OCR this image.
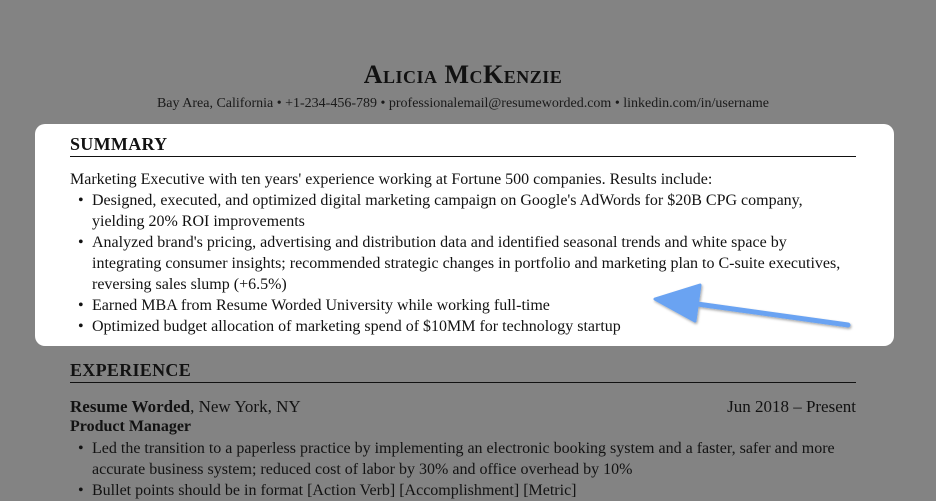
Alicia McKenzie
Bay Area, California • +1-234-456-789 • professionalemail@resumeworded.com • linkedin.com/in/username
SUMMARY
Marketing Executive with ten years' experience working at Fortune 500 companies. Results include:
• Designed, executed, and optimized digital marketing campaign on Google's AdWords for $20B CPG company, yielding 20% ROI improvements
• Analyzed brand's pricing, advertising and distribution data and identified seasonal trends and white space by integrating consumer insights; recommended strategic changes in portfolio and marketing plan to C-suite executives, reversing sales slump (+6.5%)
• Earned MBA from Resume Worded University while working full-time
• Optimized budget allocation of marketing spend of $10MM for technology startup
EXPERIENCE
Resume Worded, New York, NY	Jun 2018 – Present
Product Manager
• Led the transition to a paperless practice by implementing an electronic booking system and a faster, safer and more accurate business system; reduced cost of labor by 30% and office overhead by 10%
• Bullet points should be in format [Action Verb] [Accomplishment] [Metric]
